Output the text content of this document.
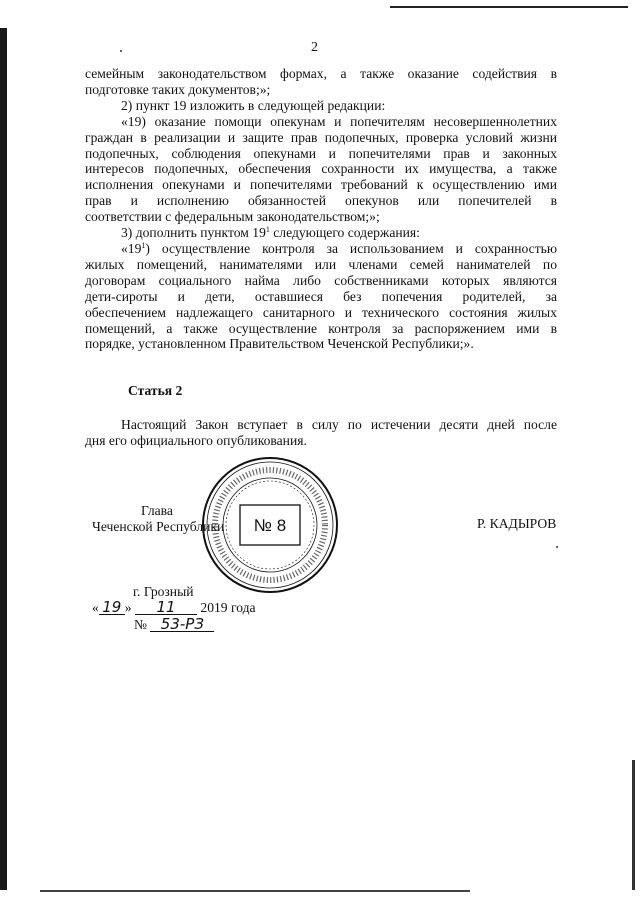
2

семейным законодательством формах, а также оказание содействия в

подготовке таких документов;»;

2) пункт 19 изложить в следующей редакции:

«19) оказание помощи опекунам и попечителям несовершеннолетних

граждан в реализации и защите прав подопечных, проверка условий жизни

подопечных, соблюдения опекунами и попечителями прав и законных

интересов подопечных, обеспечения сохранности их имущества, а также

исполнения опекунами и попечителями требований к осуществлению ими

прав и исполнению обязанностей опекунов или попечителей в

соответствии с федеральным законодательством;»;

3) дополнить пунктом $19^1$ следующего содержания:

«$19^1$) осуществление контроля за использованием и сохранностью

жилых помещений, нанимателями или членами семей нанимателей по

договорам социального найма либо собственниками которых являются

дети-сироты и дети, оставшиеся без попечения родителей, за

обеспечением надлежащего санитарного и технического состояния жилых

помещений, а также осуществление контроля за распоряжением ими в

порядке, установленном Правительством Чеченской Республики;».

Статья 2

Настоящий Закон вступает в силу по истечении десяти дней после

дня его официального опубликования.

№ 8
Глава
Чеченской Республики	Р. КАДЫРОВ
г. Грозный
« 19 » 11 2019 года
№ 53-РЗ
